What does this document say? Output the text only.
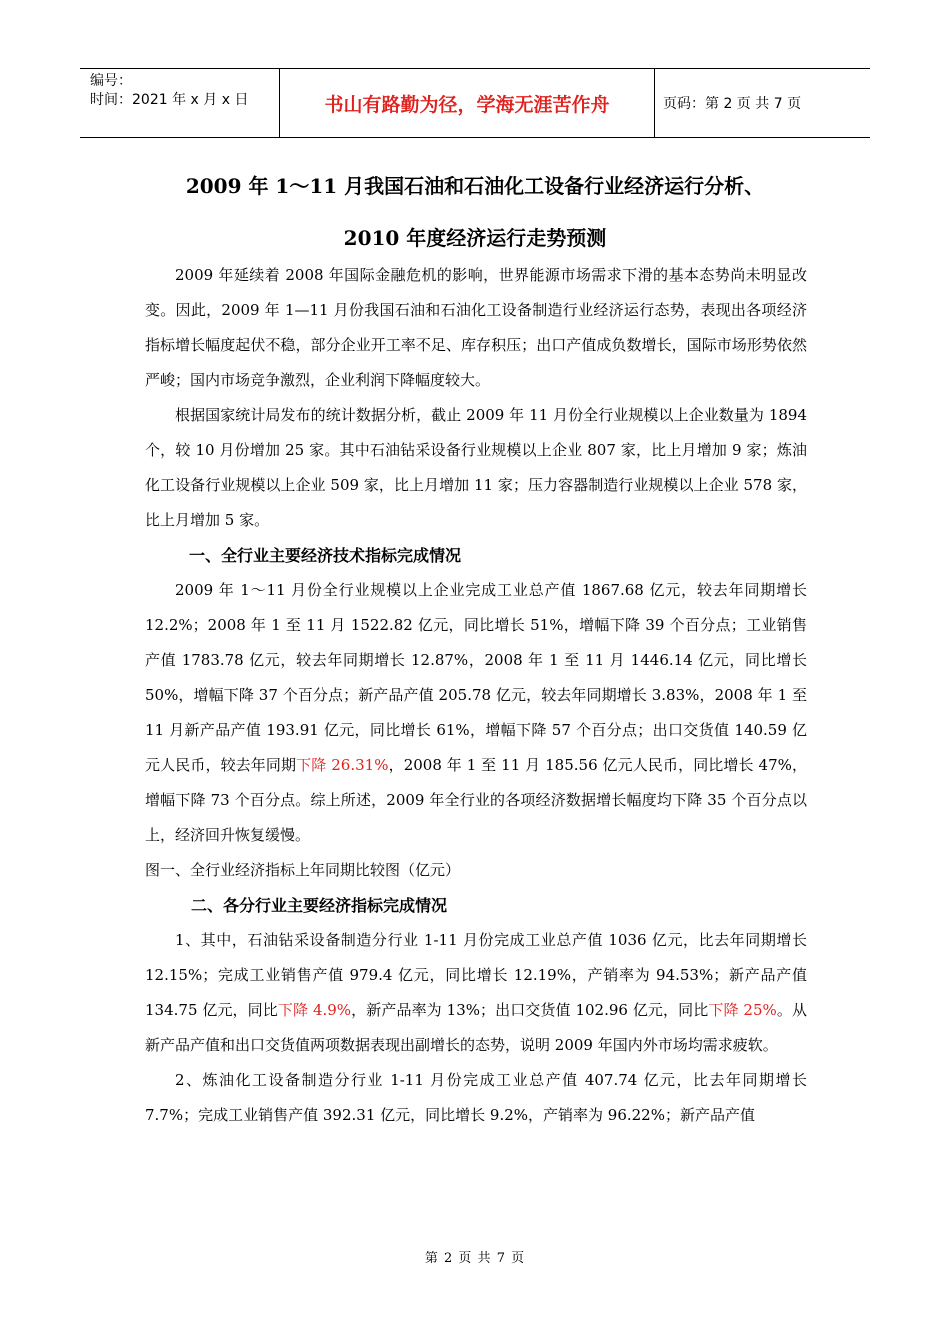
编号：
时间：2021 年 x 月 x 日	书山有路勤为径，学海无涯苦作舟	页码：第 2 页 共 7 页
2009 年 1～11 月我国石油和石油化工设备行业经济运行分析、
2010 年度经济运行走势预测

2009 年延续着 2008 年国际金融危机的影响，世界能源市场需求下滑的基本态势尚未明显改变。因此，2009 年 1—11 月份我国石油和石油化工设备制造行业经济运行态势，表现出各项经济指标增长幅度起伏不稳，部分企业开工率不足、库存积压；出口产值成负数增长，国际市场形势依然严峻；国内市场竞争激烈，企业利润下降幅度较大。

根据国家统计局发布的统计数据分析，截止 2009 年 11 月份全行业规模以上企业数量为 1894 个，较 10 月份增加 25 家。其中石油钻采设备行业规模以上企业 807 家，比上月增加 9 家；炼油化工设备行业规模以上企业 509 家，比上月增加 11 家；压力容器制造行业规模以上企业 578 家，比上月增加 5 家。

一、全行业主要经济技术指标完成情况

2009 年 1～11 月份全行业规模以上企业完成工业总产值 1867.68 亿元，较去年同期增长 12.2%；2008 年 1 至 11 月 1522.82 亿元，同比增长 51%，增幅下降 39 个百分点；工业销售产值 1783.78 亿元，较去年同期增长 12.87%，2008 年 1 至 11 月 1446.14 亿元，同比增长 50%，增幅下降 37 个百分点；新产品产值 205.78 亿元，较去年同期增长 3.83%，2008 年 1 至 11 月新产品产值 193.91 亿元，同比增长 61%，增幅下降 57 个百分点；出口交货值 140.59 亿元人民币，较去年同期下降 26.31%，2008 年 1 至 11 月 185.56 亿元人民币，同比增长 47%，增幅下降 73 个百分点。综上所述，2009 年全行业的各项经济数据增长幅度均下降 35 个百分点以上，经济回升恢复缓慢。

图一、全行业经济指标上年同期比较图（亿元）

二、各分行业主要经济指标完成情况

1、其中，石油钻采设备制造分行业 1-11 月份完成工业总产值 1036 亿元，比去年同期增长 12.15%；完成工业销售产值 979.4 亿元，同比增长 12.19%，产销率为 94.53%；新产品产值 134.75 亿元，同比下降 4.9%，新产品率为 13%；出口交货值 102.96 亿元，同比下降 25%。从新产品产值和出口交货值两项数据表现出副增长的态势，说明 2009 年国内外市场均需求疲软。

2、炼油化工设备制造分行业 1-11 月份完成工业总产值 407.74 亿元，比去年同期增长 7.7%；完成工业销售产值 392.31 亿元，同比增长 9.2%，产销率为 96.22%；新产品产值

第 2 页 共 7 页
